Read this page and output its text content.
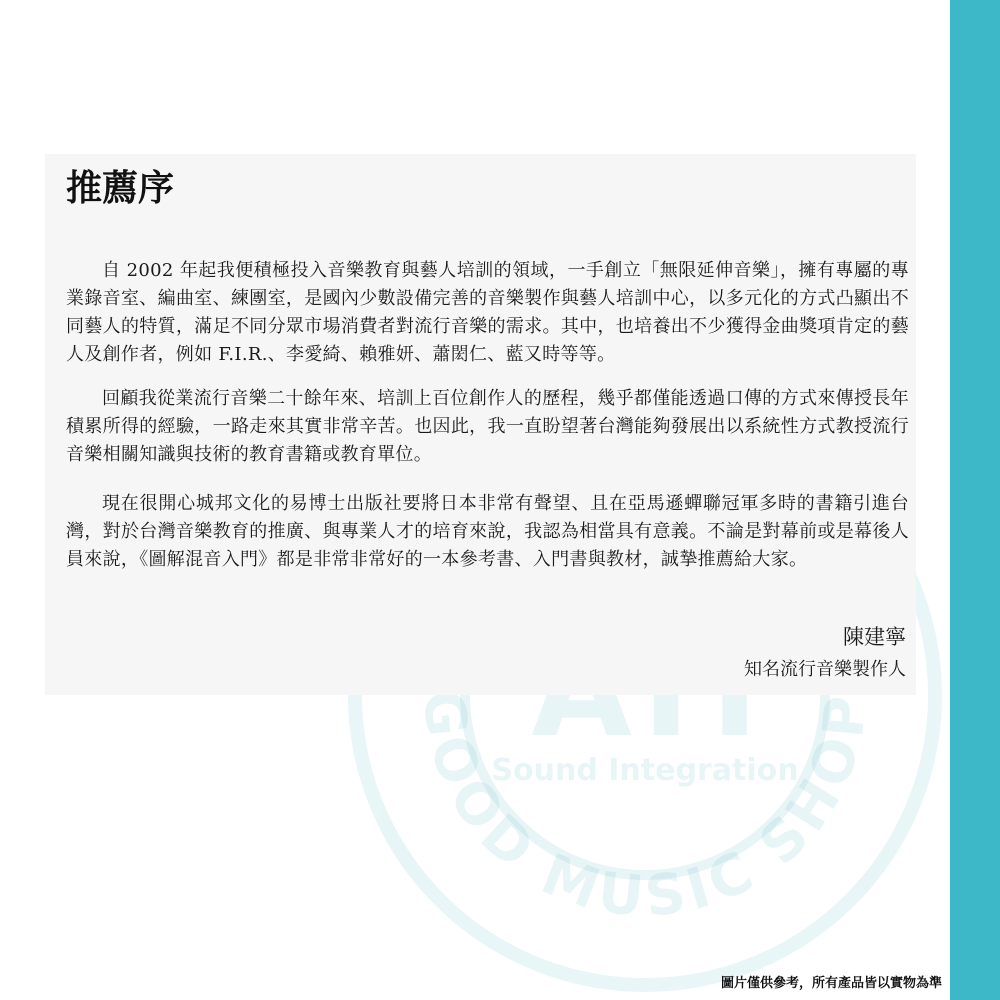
Sound Integration
GOOD MUSIC SHOP
推薦序

自 2002 年起我便積極投入音樂教育與藝人培訓的領域，一手創立「無限延伸音樂」，擁有專屬的專業錄音室、編曲室、練團室，是國內少數設備完善的音樂製作與藝人培訓中心，以多元化的方式凸顯出不同藝人的特質，滿足不同分眾市場消費者對流行音樂的需求。其中，也培養出不少獲得金曲獎項肯定的藝人及創作者，例如 F.I.R.、李愛綺、賴雅妍、蕭閎仁、藍又時等等。

回顧我從業流行音樂二十餘年來、培訓上百位創作人的歷程，幾乎都僅能透過口傳的方式來傳授長年積累所得的經驗，一路走來其實非常辛苦。也因此，我一直盼望著台灣能夠發展出以系統性方式教授流行音樂相關知識與技術的教育書籍或教育單位。

現在很開心城邦文化的易博士出版社要將日本非常有聲望、且在亞馬遜蟬聯冠軍多時的書籍引進台灣，對於台灣音樂教育的推廣、與專業人才的培育來說，我認為相當具有意義。不論是對幕前或是幕後人員來說，《圖解混音入門》都是非常非常好的一本參考書、入門書與教材，誠摯推薦給大家。

陳建寧

知名流行音樂製作人

圖片僅供參考，所有產品皆以實物為準
